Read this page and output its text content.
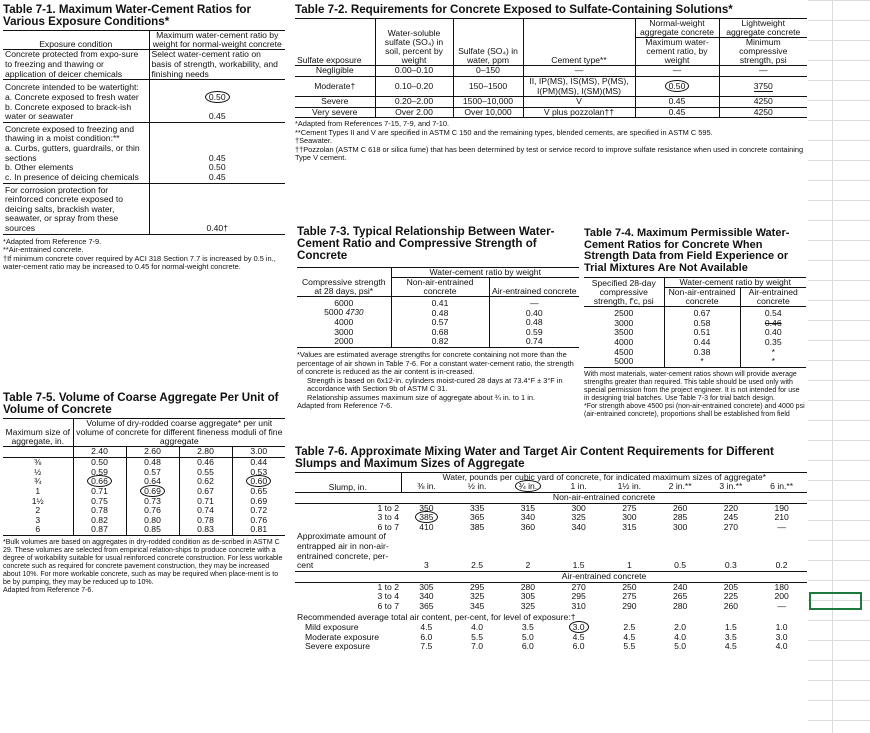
Table 7-1. Maximum Water-Cement Ratios for Various Exposure Conditions*
Exposure condition	Maximum water-cement ratio by weight for normal-weight concrete
Concrete protected from expo-sure to freezing and thawing or application of deicer chemicals	Select water-cement ratio on basis of strength, workability, and finishing needs
Concrete intended to be watertight:	
a. Concrete exposed to fresh water	0.50
b. Concrete exposed to brack-ish water or seawater	0.45
Concrete exposed to freezing and thawing in a moist condition:**	
a. Curbs, gutters, guardrails, or thin sections	0.45
b. Other elements	0.50
c. In presence of deicing chemicals	0.45
For corrosion protection for reinforced concrete exposed to deicing salts, brackish water, seawater, or spray from these sources	0.40†
*Adapted from Reference 7-9.
**Air-entrained concrete.
†If minimum concrete cover required by ACI 318 Section 7.7 is increased by 0.5 in., water-cement ratio may be increased to 0.45 for normal-weight concrete.
Table 7-2. Requirements for Concrete Exposed to Sulfate-Containing Solutions*
Sulfate exposure	Water-soluble sulfate (SO₄) in soil, percent by weight	Sulfate (SO₄) in water, ppm	Cement type**	Normal-weight aggregate concrete	Lightweight aggregate concrete
				Maximum water-cement ratio, by weight	Minimum compressive strength, psi
Negligible	0.00–0.10	0–150	—	—	—
Moderate†	0.10–0.20	150–1500	II, IP(MS), IS(MS), P(MS), I(PM)(MS), I(SM)(MS)	0.50	3750
Severe	0.20–2.00	1500–10,000	V	0.45	4250
Very severe	Over 2.00	Over 10,000	V plus pozzolan††	0.45	4250
*Adapted from References 7-15, 7-9, and 7-10.
**Cement Types II and V are specified in ASTM C 150 and the remaining types, blended cements, are specified in ASTM C 595.
†Seawater.
††Pozzolan (ASTM C 618 or silica fume) that has been determined by test or service record to improve sulfate resistance when used in concrete containing Type V cement.
Table 7-3. Typical Relationship Between Water-Cement Ratio and Compressive Strength of Concrete
Compressive strength at 28 days, psi*	Water-cement ratio by weight	
	Non-air-entrained concrete	Air-entrained concrete
6000	0.41	—
5000 4730	0.48	0.40
4000	0.57	0.48
3000	0.68	0.59
2000	0.82	0.74
*Values are estimated average strengths for concrete containing not more than the percentage of air shown in Table 7-6. For a constant water-cement ratio, the strength of concrete is reduced as the air content is in-creased.
Strength is based on 6x12-in. cylinders moist-cured 28 days at 73.4°F ± 3°F in accordance with Section 9b of ASTM C 31.
Relationship assumes maximum size of aggregate about ¾ in. to 1 in.
Adapted from Reference 7-6.
Table 7-4. Maximum Permissible Water-Cement Ratios for Concrete When Strength Data from Field Experience or Trial Mixtures Are Not Available
Specified 28-day compressive strength, f'c, psi	Water-cement ratio by weight	
	Non-air-entrained concrete	Air-entrained concrete
2500	0.67	0.54
3000	0.58	0.46
3500	0.51	0.40
4000	0.44	0.35
4500	0.38	*
5000	*	*
With most materials, water-cement ratios shown will provide average strengths greater than required. This table should be used only with special permission from the project engineer. It is not intended for use in designing trial batches. Use Table 7-3 for trial batch design.
*For strength above 4500 psi (non-air-entrained concrete) and 4000 psi (air-entrained concrete), proportions shall be established from field
Table 7-5. Volume of Coarse Aggregate Per Unit of Volume of Concrete
Maximum size of aggregate, in.	Volume of dry-rodded coarse aggregate* per unit volume of concrete for different fineness moduli of fine aggregate			
	2.40	2.60	2.80	3.00
⅜	0.50	0.48	0.46	0.44
½	0.59	0.57	0.55	0.53
¾	0.66	0.64	0.62	0.60
1	0.71	0.69	0.67	0.65
1½	0.75	0.73	0.71	0.69
2	0.78	0.76	0.74	0.72
3	0.82	0.80	0.78	0.76
6	0.87	0.85	0.83	0.81
*Bulk volumes are based on aggregates in dry-rodded condition as de-scribed in ASTM C 29. These volumes are selected from empirical relation-ships to produce concrete with a degree of workability suitable for usual reinforced concrete construction. For less workable concrete such as required for concrete pavement construction, they may be increased about 10%. For more workable concrete, such as may be required when place-ment is to be by pumping, they may be reduced up to 10%.
Adapted from Reference 7-6.
Table 7-6. Approximate Mixing Water and Target Air Content Requirements for Different Slumps and Maximum Sizes of Aggregate
Slump, in.	Water, pounds per cubic yard of concrete, for indicated maximum sizes of aggregate*							
	⅜ in.	½ in.	¾ in.	1 in.	1½ in.	2 in.**	3 in.**	6 in.**
	Non-air-entrained concrete							
1 to 2	350	335	315	300	275	260	220	190
3 to 4	385	365	340	325	300	285	245	210
6 to 7	410	385	360	340	315	300	270	—
Approximate amount of entrapped air in non-air-entrained concrete, per-cent	3	2.5	2	1.5	1	0.5	0.3	0.2
	Air-entrained concrete							
1 to 2	305	295	280	270	250	240	205	180
3 to 4	340	325	305	295	275	265	225	200
6 to 7	365	345	325	310	290	280	260	—
Recommended average total air content, per-cent, for level of exposure:†								
Mild exposure	4.5	4.0	3.5	3.0	2.5	2.0	1.5	1.0
Moderate exposure	6.0	5.5	5.0	4.5	4.5	4.0	3.5	3.0
Severe exposure	7.5	7.0	6.0	6.0	5.5	5.0	4.5	4.0
